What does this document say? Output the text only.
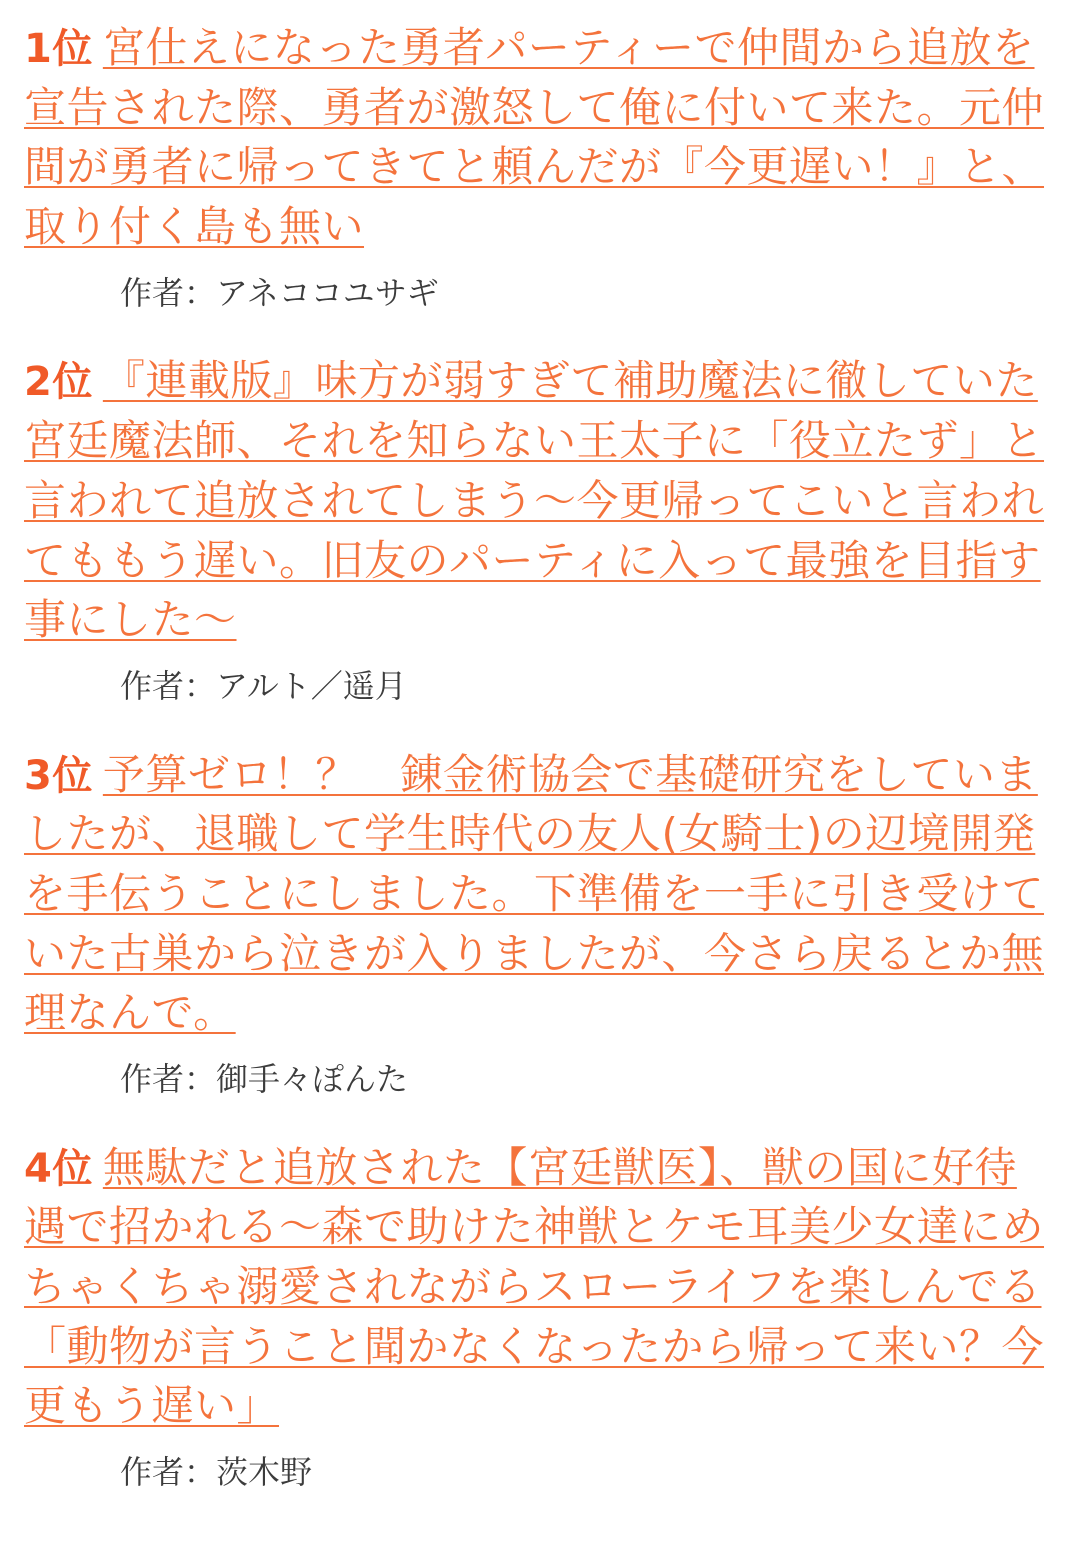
1位 宮仕えになった勇者パーティーで仲間から追放を宣告された際、勇者が激怒して俺に付いて来た。元仲間が勇者に帰ってきてと頼んだが『今更遅い！』と、取り付く島も無い

作者：アネココユサギ

2位 『連載版』味方が弱すぎて補助魔法に徹していた宮廷魔法師、それを知らない王太子に「役立たず」と言われて追放されてしまう〜今更帰ってこいと言われてももう遅い。旧友のパーティに入って最強を目指す事にした〜

作者：アルト／遥月

3位 予算ゼロ！？　錬金術協会で基礎研究をしていましたが、退職して学生時代の友人(女騎士)の辺境開発を手伝うことにしました。下準備を一手に引き受けていた古巣から泣きが入りましたが、今さら戻るとか無理なんで。

作者：御手々ぽんた

4位 無駄だと追放された【宮廷獣医】、獣の国に好待遇で招かれる〜森で助けた神獣とケモ耳美少女達にめちゃくちゃ溺愛されながらスローライフを楽しんでる「動物が言うこと聞かなくなったから帰って来い？今更もう遅い」

作者：茨木野
